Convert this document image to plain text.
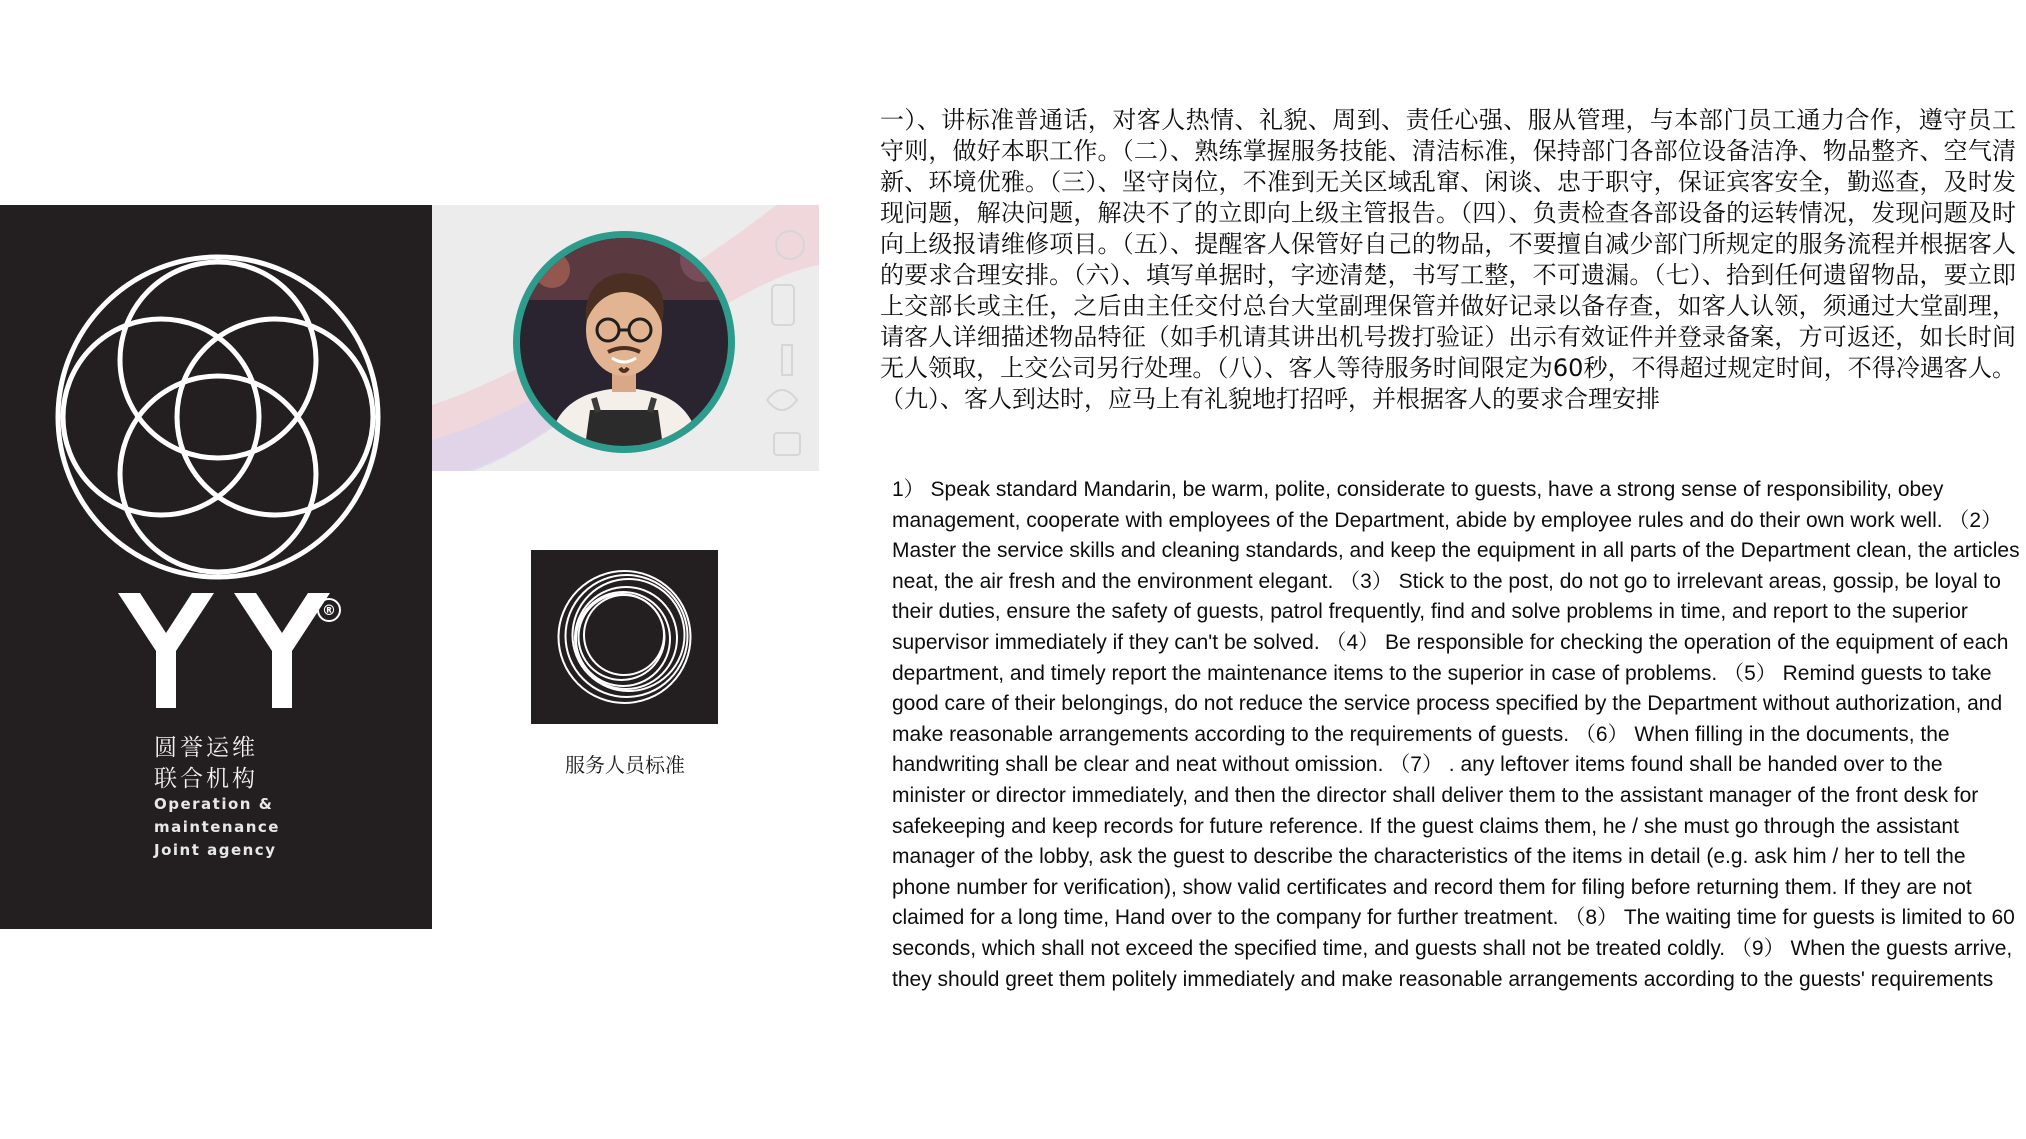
®
圆誉运维
联合机构
Operation &
maintenance
Joint agency
服务人员标准

一）、讲标准普通话，对客人热情、礼貌、周到、责任心强、服从管理，与本部门员工通力合作，遵守员工守则，做好本职工作。（二）、熟练掌握服务技能、清洁标准，保持部门各部位设备洁净、物品整齐、空气清新、环境优雅。（三）、坚守岗位，不准到无关区域乱窜、闲谈、忠于职守，保证宾客安全，勤巡查，及时发现问题，解决问题，解决不了的立即向上级主管报告。（四）、负责检查各部设备的运转情况，发现问题及时向上级报请维修项目。（五）、提醒客人保管好自己的物品，不要擅自减少部门所规定的服务流程并根据客人的要求合理安排。（六）、填写单据时，字迹清楚，书写工整，不可遗漏。（七）、拾到任何遗留物品，要立即上交部长或主任，之后由主任交付总台大堂副理保管并做好记录以备存查，如客人认领，须通过大堂副理，请客人详细描述物品特征（如手机请其讲出机号拨打验证）出示有效证件并登录备案，方可返还，如长时间无人领取，上交公司另行处理。（八）、客人等待服务时间限定为60秒，不得超过规定时间，不得冷遇客人。（九）、客人到达时，应马上有礼貌地打招呼，并根据客人的要求合理安排

1） Speak standard Mandarin, be warm, polite, considerate to guests, have a strong sense of responsibility, obey management, cooperate with employees of the Department, abide by employee rules and do their own work well. （2） Master the service skills and cleaning standards, and keep the equipment in all parts of the Department clean, the articles neat, the air fresh and the environment elegant. （3） Stick to the post, do not go to irrelevant areas, gossip, be loyal to their duties, ensure the safety of guests, patrol frequently, find and solve problems in time, and report to the superior supervisor immediately if they can't be solved. （4） Be responsible for checking the operation of the equipment of each department, and timely report the maintenance items to the superior in case of problems. （5） Remind guests to take good care of their belongings, do not reduce the service process specified by the Department without authorization, and make reasonable arrangements according to the requirements of guests. （6） When filling in the documents, the handwriting shall be clear and neat without omission. （7） . any leftover items found shall be handed over to the minister or director immediately, and then the director shall deliver them to the assistant manager of the front desk for safekeeping and keep records for future reference. If the guest claims them, he / she must go through the assistant manager of the lobby, ask the guest to describe the characteristics of the items in detail (e.g. ask him / her to tell the phone number for verification), show valid certificates and record them for filing before returning them. If they are not claimed for a long time, Hand over to the company for further treatment. （8） The waiting time for guests is limited to 60 seconds, which shall not exceed the specified time, and guests shall not be treated coldly. （9） When the guests arrive, they should greet them politely immediately and make reasonable arrangements according to the guests' requirements
